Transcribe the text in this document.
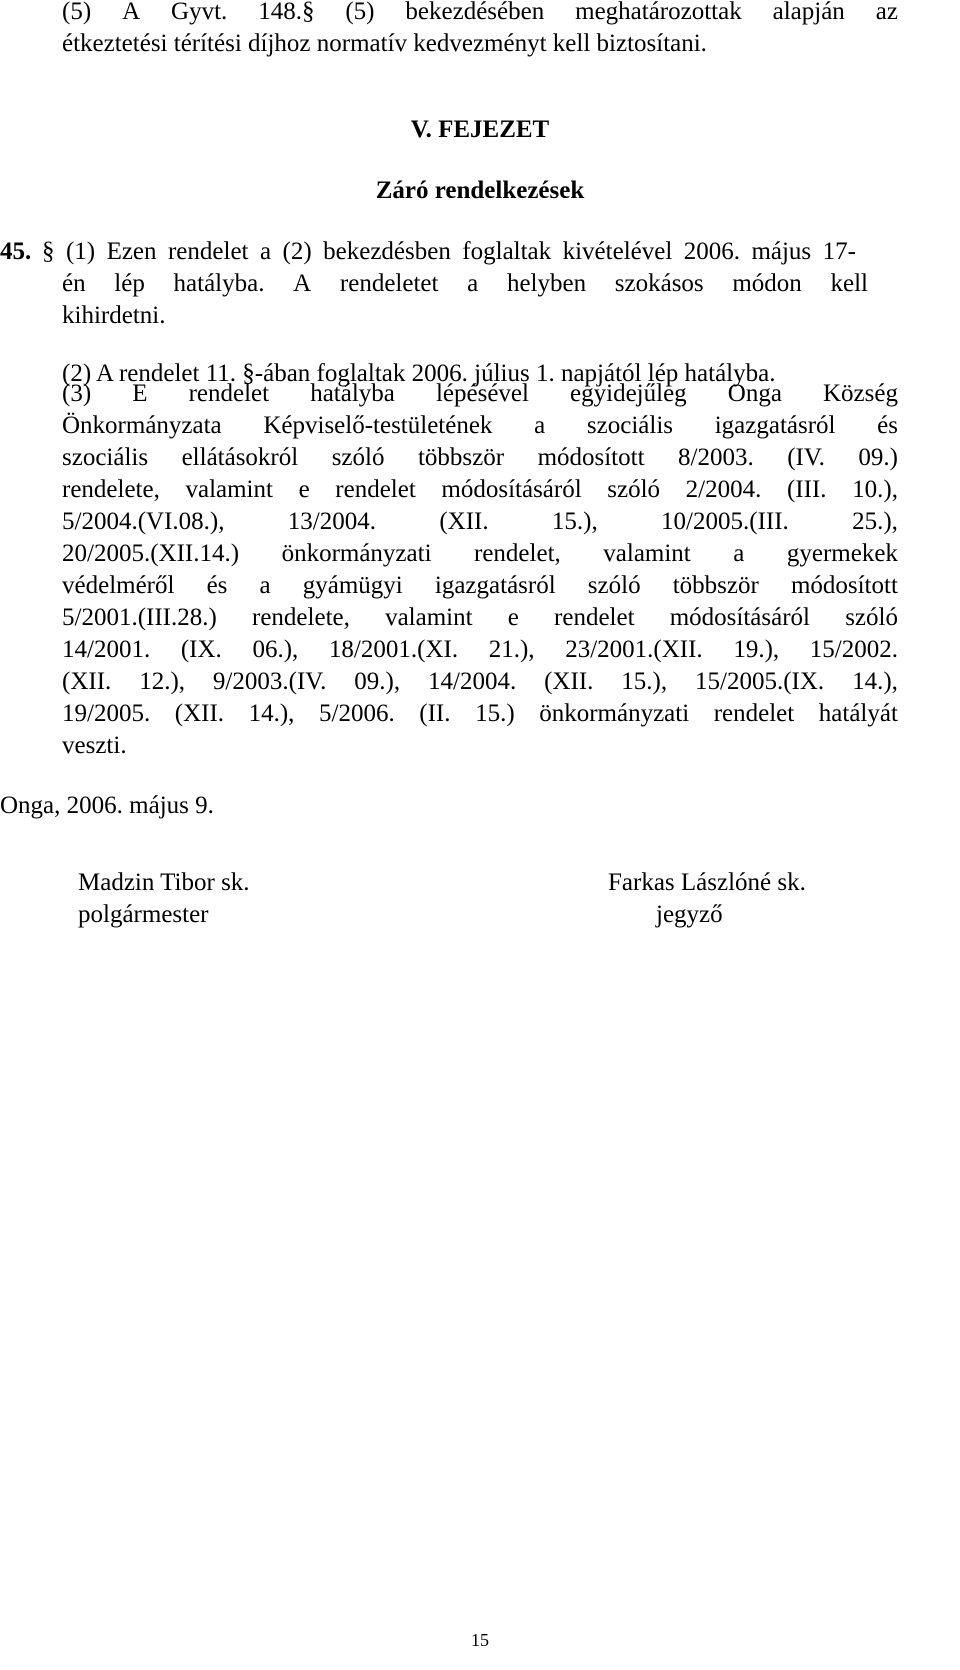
(5) A Gyvt. 148.§ (5) bekezdésében meghatározottak alapján az
étkeztetési térítési díjhoz normatív kedvezményt kell biztosítani.
V. FEJEZET
Záró rendelkezések
45. § (1) Ezen rendelet a (2) bekezdésben foglaltak kivételével 2006. május 17-
én lép hatályba. A rendeletet a helyben szokásos módon kell
kihirdetni.
(2) A rendelet 11. §-ában foglaltak 2006. július 1. napjától lép hatályba.
(3) E rendelet hatályba lépésével egyidejűleg Onga Község
Önkormányzata Képviselő-testületének a szociális igazgatásról és
szociális ellátásokról szóló többször módosított 8/2003. (IV. 09.)
rendelete, valamint e rendelet módosításáról szóló 2/2004. (III. 10.),
5/2004.(VI.08.),	13/2004.	(XII.	15.),	10/2005.(III.	25.),
20/2005.(XII.14.) önkormányzati rendelet, valamint a gyermekek
védelméről és a gyámügyi igazgatásról szóló többször módosított
5/2001.(III.28.) rendelete, valamint e rendelet módosításáról szóló
14/2001. (IX. 06.), 18/2001.(XI. 21.), 23/2001.(XII. 19.), 15/2002.
(XII. 12.), 9/2003.(IV. 09.), 14/2004. (XII. 15.), 15/2005.(IX. 14.),
19/2005. (XII. 14.), 5/2006. (II. 15.) önkormányzati rendelet hatályát
veszti.
Onga, 2006. május 9.
Madzin Tibor sk.
polgármester
Farkas Lászlóné sk.
jegyző
15
